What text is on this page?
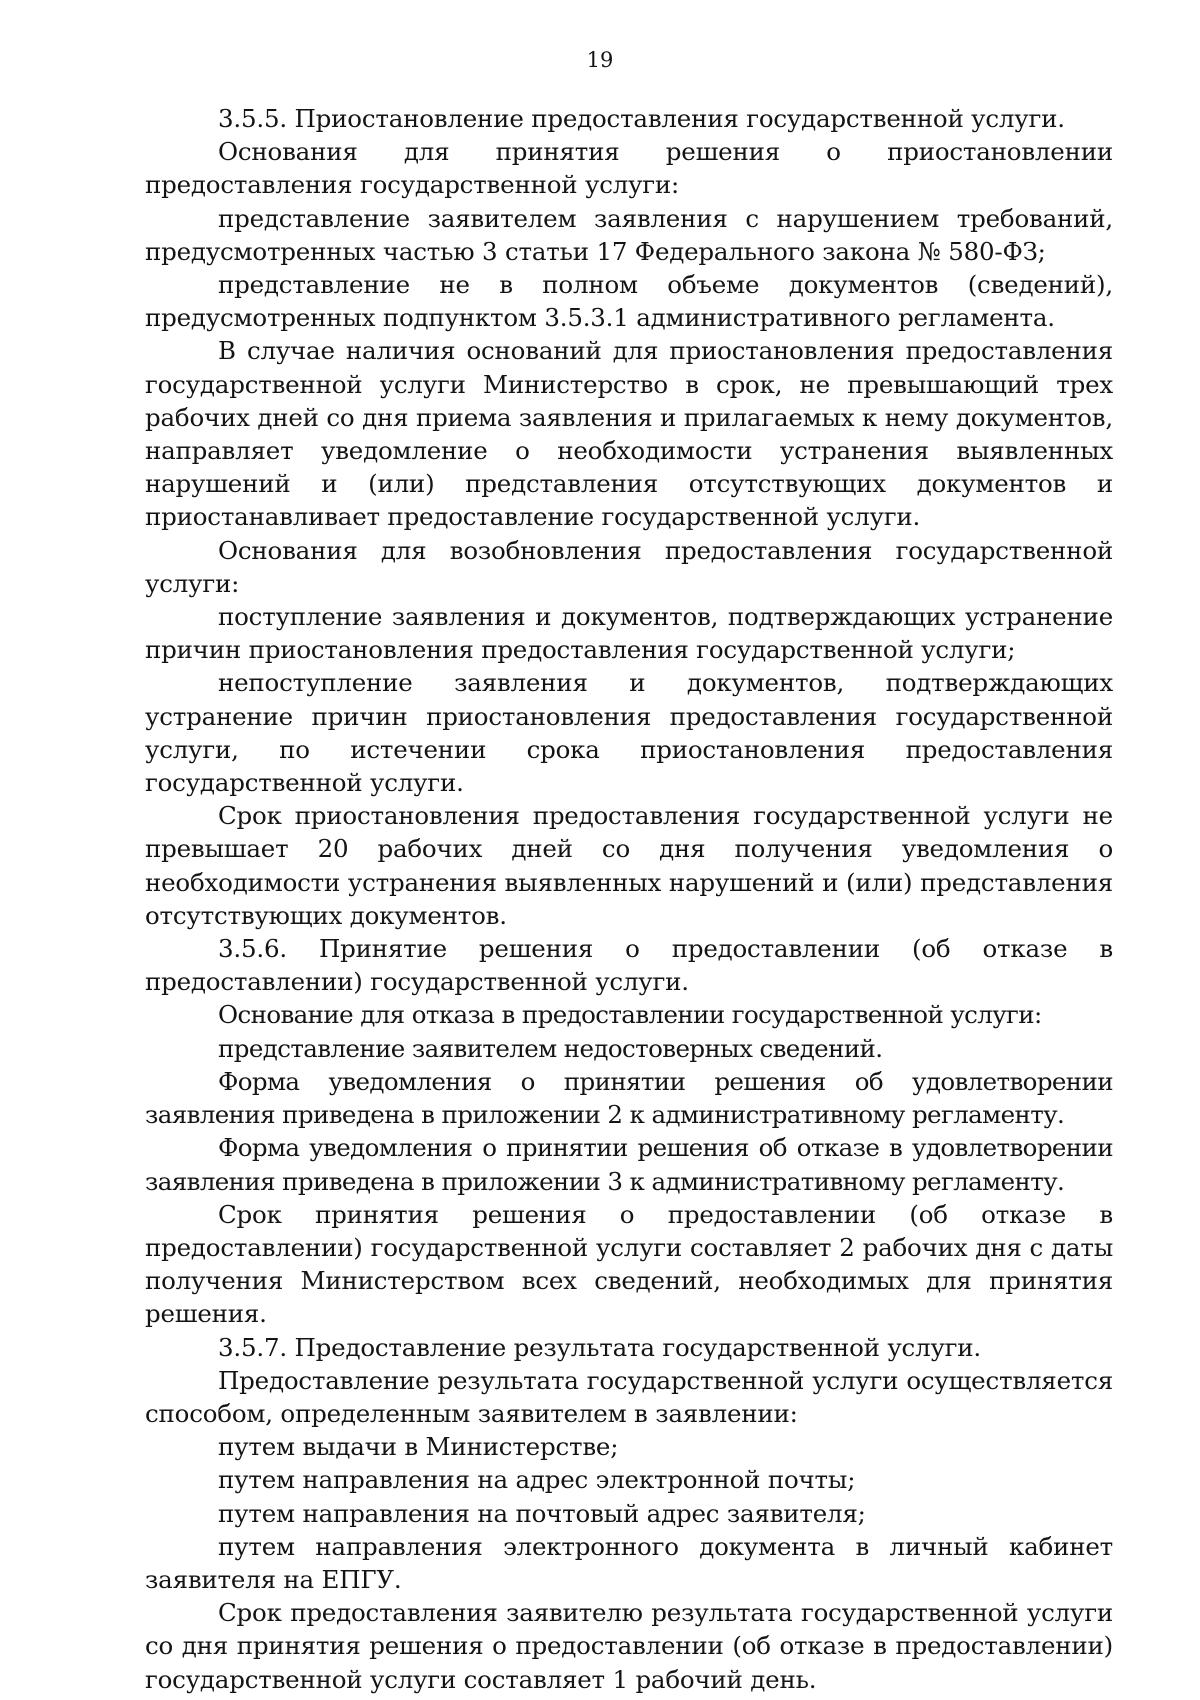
19

3.5.5. Приостановление предоставления государственной услуги.

Основания для принятия решения о приостановлении предоставления государственной услуги:

представление заявителем заявления с нарушением требований, предусмотренных частью 3 статьи 17 Федерального закона № 580-ФЗ;

представление не в полном объеме документов (сведений), предусмотренных подпунктом 3.5.3.1 административного регламента.

В случае наличия оснований для приостановления предоставления государственной услуги Министерство в срок, не превышающий трех рабочих дней со дня приема заявления и прилагаемых к нему документов, направляет уведомление о необходимости устранения выявленных нарушений и (или) представления отсутствующих документов и приостанавливает предоставление государственной услуги.

Основания для возобновления предоставления государственной услуги:

поступление заявления и документов, подтверждающих устранение причин приостановления предоставления государственной услуги;

непоступление заявления и документов, подтверждающих устранение причин приостановления предоставления государственной услуги, по истечении срока приостановления предоставления государственной услуги.

Срок приостановления предоставления государственной услуги не превышает 20 рабочих дней со дня получения уведомления о необходимости устранения выявленных нарушений и (или) представления отсутствующих документов.

3.5.6. Принятие решения о предоставлении (об отказе в предоставлении) государственной услуги.

Основание для отказа в предоставлении государственной услуги:

представление заявителем недостоверных сведений.

Форма уведомления о принятии решения об удовлетворении заявления приведена в приложении 2 к административному регламенту.

Форма уведомления о принятии решения об отказе в удовлетворении заявления приведена в приложении 3 к административному регламенту.

Срок принятия решения о предоставлении (об отказе в предоставлении) государственной услуги составляет 2 рабочих дня с даты получения Министерством всех сведений, необходимых для принятия решения.

3.5.7. Предоставление результата государственной услуги.

Предоставление результата государственной услуги осуществляется способом, определенным заявителем в заявлении:

путем выдачи в Министерстве;

путем направления на адрес электронной почты;

путем направления на почтовый адрес заявителя;

путем направления электронного документа в личный кабинет заявителя на ЕПГУ.

Срок предоставления заявителю результата государственной услуги со дня принятия решения о предоставлении (об отказе в предоставлении) государственной услуги составляет 1 рабочий день.
